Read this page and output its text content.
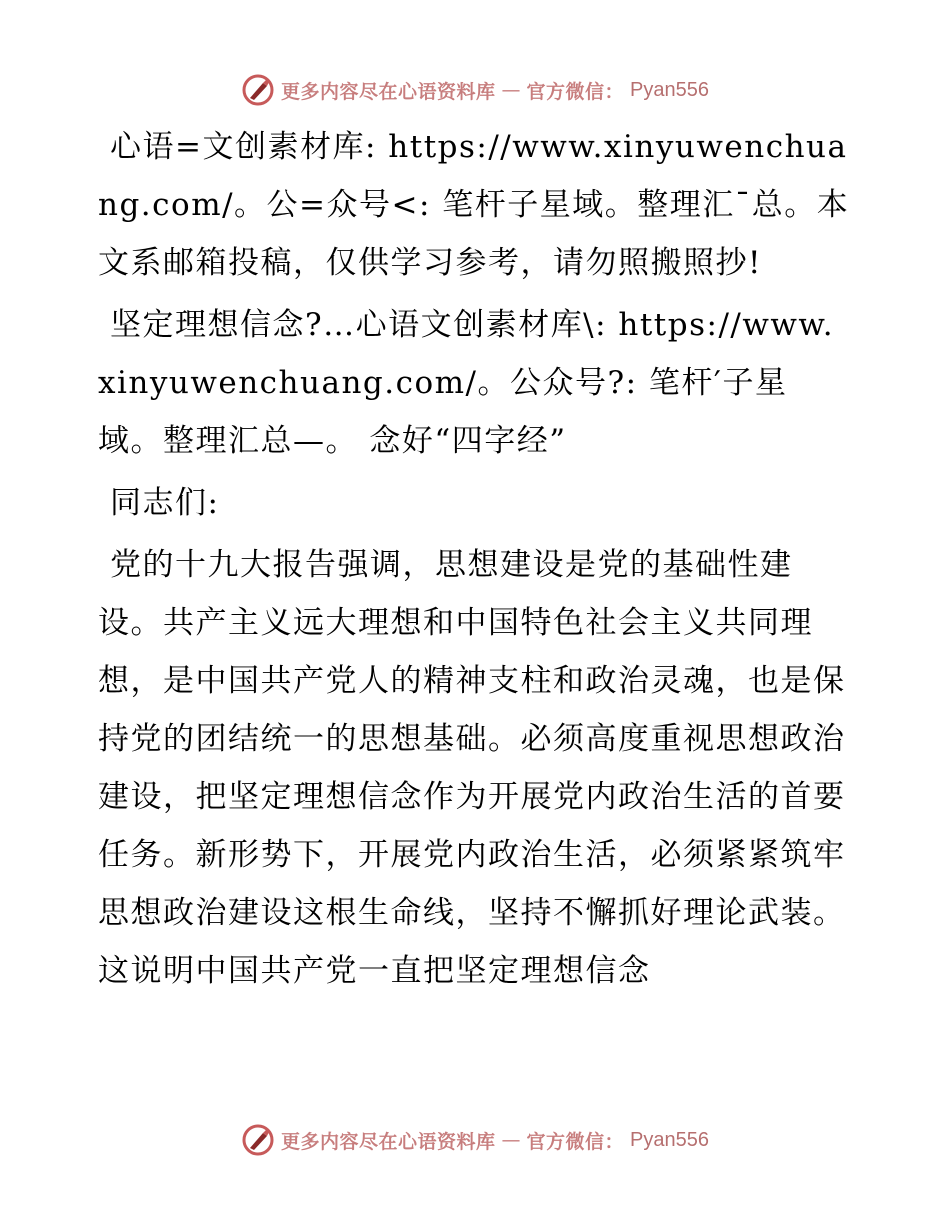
更多内容尽在心语资料库 — 官方微信： Pyan556

心语=文创素材库: https://www.xinyuwenchuang.com/。公=众号<: 笔杆子星域。整理汇¯总。本文系邮箱投稿，仅供学习参考，请勿照搬照抄!

坚定理想信念?…心语文创素材库\: https://www.xinyuwenchuang.com/。公众号?: 笔杆′子星域。整理汇总—。 念好“四字经”

同志们:

党的十九大报告强调，思想建设是党的基础性建设。共产主义远大理想和中国特色社会主义共同理想，是中国共产党人的精神支柱和政治灵魂，也是保持党的团结统一的思想基础。必须高度重视思想政治建设，把坚定理想信念作为开展党内政治生活的首要任务。新形势下，开展党内政治生活，必须紧紧筑牢思想政治建设这根生命线，坚持不懈抓好理论武装。这说明中国共产党一直把坚定理想信念

更多内容尽在心语资料库 — 官方微信： Pyan556
